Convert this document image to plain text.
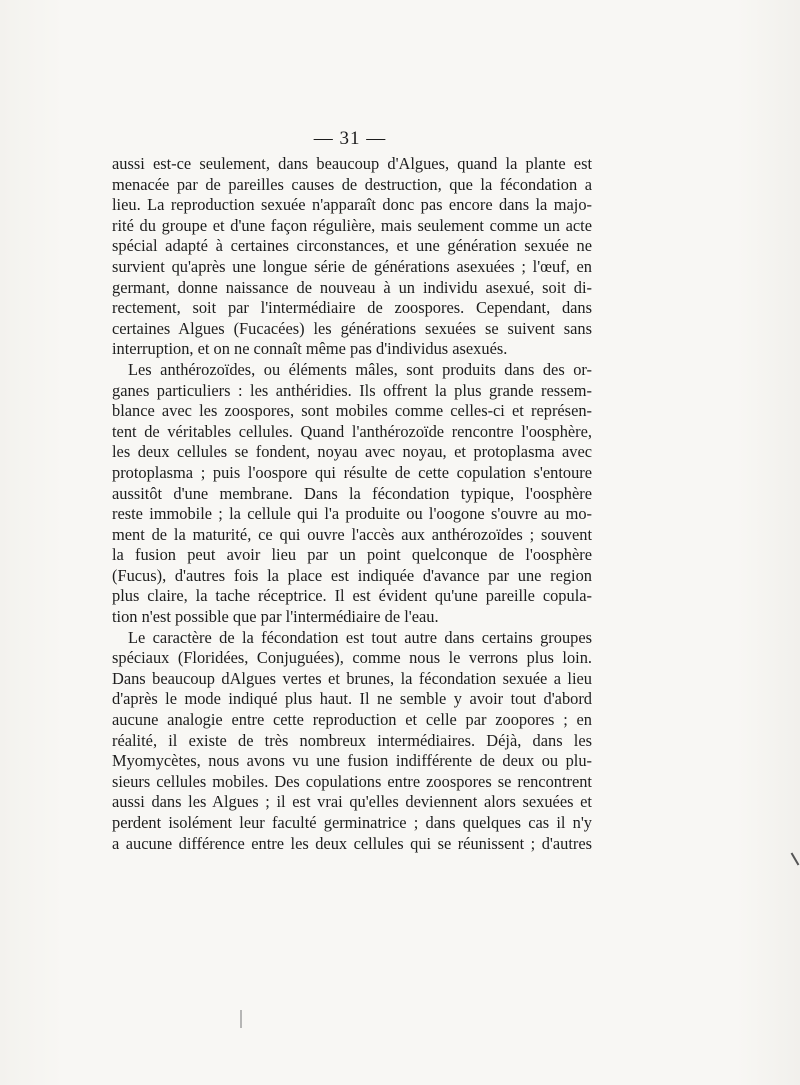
— 31 —
aussi est-ce seulement, dans beaucoup d'Algues, quand la plante est
menacée par de pareilles causes de destruction, que la fécondation a
lieu. La reproduction sexuée n'apparaît donc pas encore dans la majo-
rité du groupe et d'une façon régulière, mais seulement comme un acte
spécial adapté à certaines circonstances, et une génération sexuée ne
survient qu'après une longue série de générations asexuées ; l'œuf, en
germant, donne naissance de nouveau à un individu asexué, soit di-
rectement, soit par l'intermédiaire de zoospores. Cependant, dans
certaines Algues (Fucacées) les générations sexuées se suivent sans
interruption, et on ne connaît même pas d'individus asexués.
Les anthérozoïdes, ou éléments mâles, sont produits dans des or-
ganes particuliers : les anthéridies. Ils offrent la plus grande ressem-
blance avec les zoospores, sont mobiles comme celles-ci et représen-
tent de véritables cellules. Quand l'anthérozoïde rencontre l'oosphère,
les deux cellules se fondent, noyau avec noyau, et protoplasma avec
protoplasma ; puis l'oospore qui résulte de cette copulation s'entoure
aussitôt d'une membrane. Dans la fécondation typique, l'oosphère
reste immobile ; la cellule qui l'a produite ou l'oogone s'ouvre au mo-
ment de la maturité, ce qui ouvre l'accès aux anthérozoïdes ; souvent
la fusion peut avoir lieu par un point quelconque de l'oosphère
(Fucus), d'autres fois la place est indiquée d'avance par une region
plus claire, la tache réceptrice. Il est évident qu'une pareille copula-
tion n'est possible que par l'intermédiaire de l'eau.
Le caractère de la fécondation est tout autre dans certains groupes
spéciaux (Floridées, Conjuguées), comme nous le verrons plus loin.
Dans beaucoup dAlgues vertes et brunes, la fécondation sexuée a lieu
d'après le mode indiqué plus haut. Il ne semble y avoir tout d'abord
aucune analogie entre cette reproduction et celle par zoopores ; en
réalité, il existe de très nombreux intermédiaires. Déjà, dans les
Myomycètes, nous avons vu une fusion indifférente de deux ou plu-
sieurs cellules mobiles. Des copulations entre zoospores se rencontrent
aussi dans les Algues ; il est vrai qu'elles deviennent alors sexuées et
perdent isolément leur faculté germinatrice ; dans quelques cas il n'y
a aucune différence entre les deux cellules qui se réunissent ; d'autres
